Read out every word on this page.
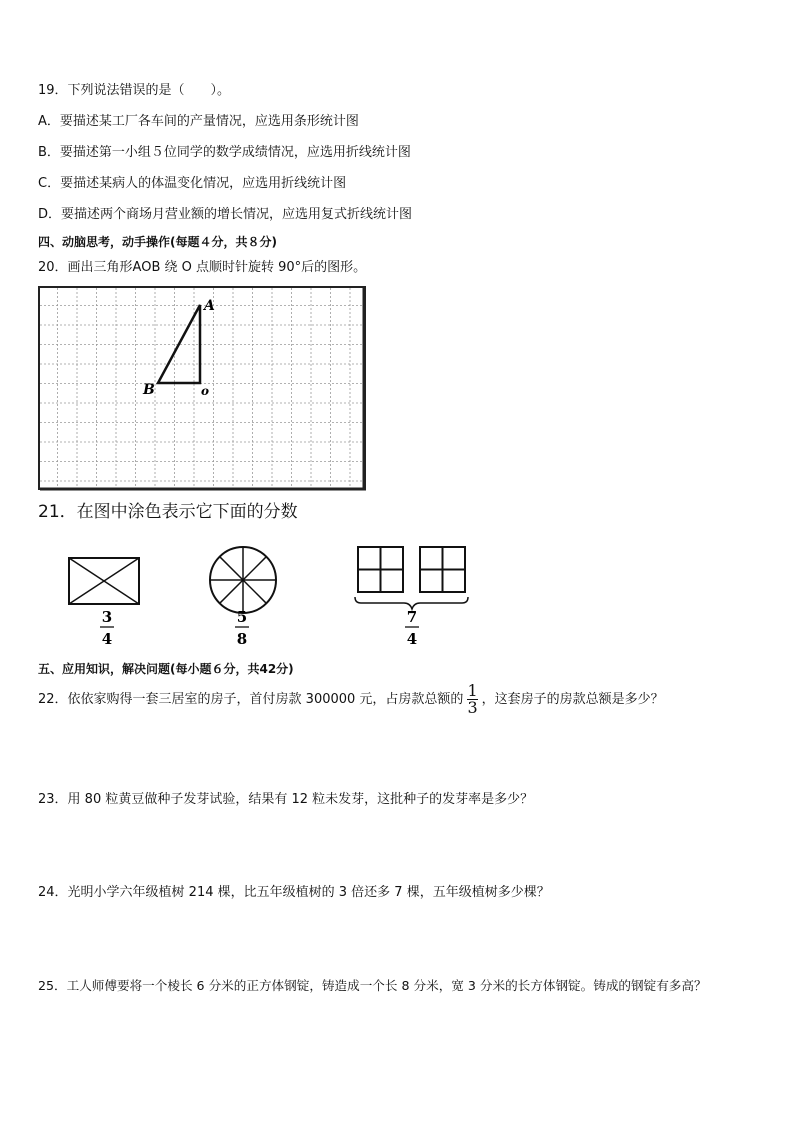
19．下列说法错误的是（　　）。
A．要描述某工厂各车间的产量情况，应选用条形统计图
B．要描述第一小组５位同学的数学成绩情况，应选用折线统计图
C．要描述某病人的体温变化情况，应选用折线统计图
D．要描述两个商场月营业额的增长情况，应选用复式折线统计图
四、动脑思考，动手操作(每题４分，共８分)
20．画出三角形AOB 绕 O 点顺时针旋转 90°后的图形。
A
B	o
21．在图中涂色表示它下面的分数
3
4
5
8
7
4
五、应用知识，解决问题(每小题６分，共42分)
22．依依家购得一套三居室的房子，首付房款 300000 元，占房款总额的 $\frac{1}{3}$ ，这套房子的房款总额是多少？
23．用 80 粒黄豆做种子发芽试验，结果有 12 粒未发芽，这批种子的发芽率是多少？
24．光明小学六年级植树 214 棵，比五年级植树的 3 倍还多 7 棵，五年级植树多少棵？
25．工人师傅要将一个棱长 6 分米的正方体钢锭，铸造成一个长 8 分米，宽 3 分米的长方体钢锭。铸成的钢锭有多高？
